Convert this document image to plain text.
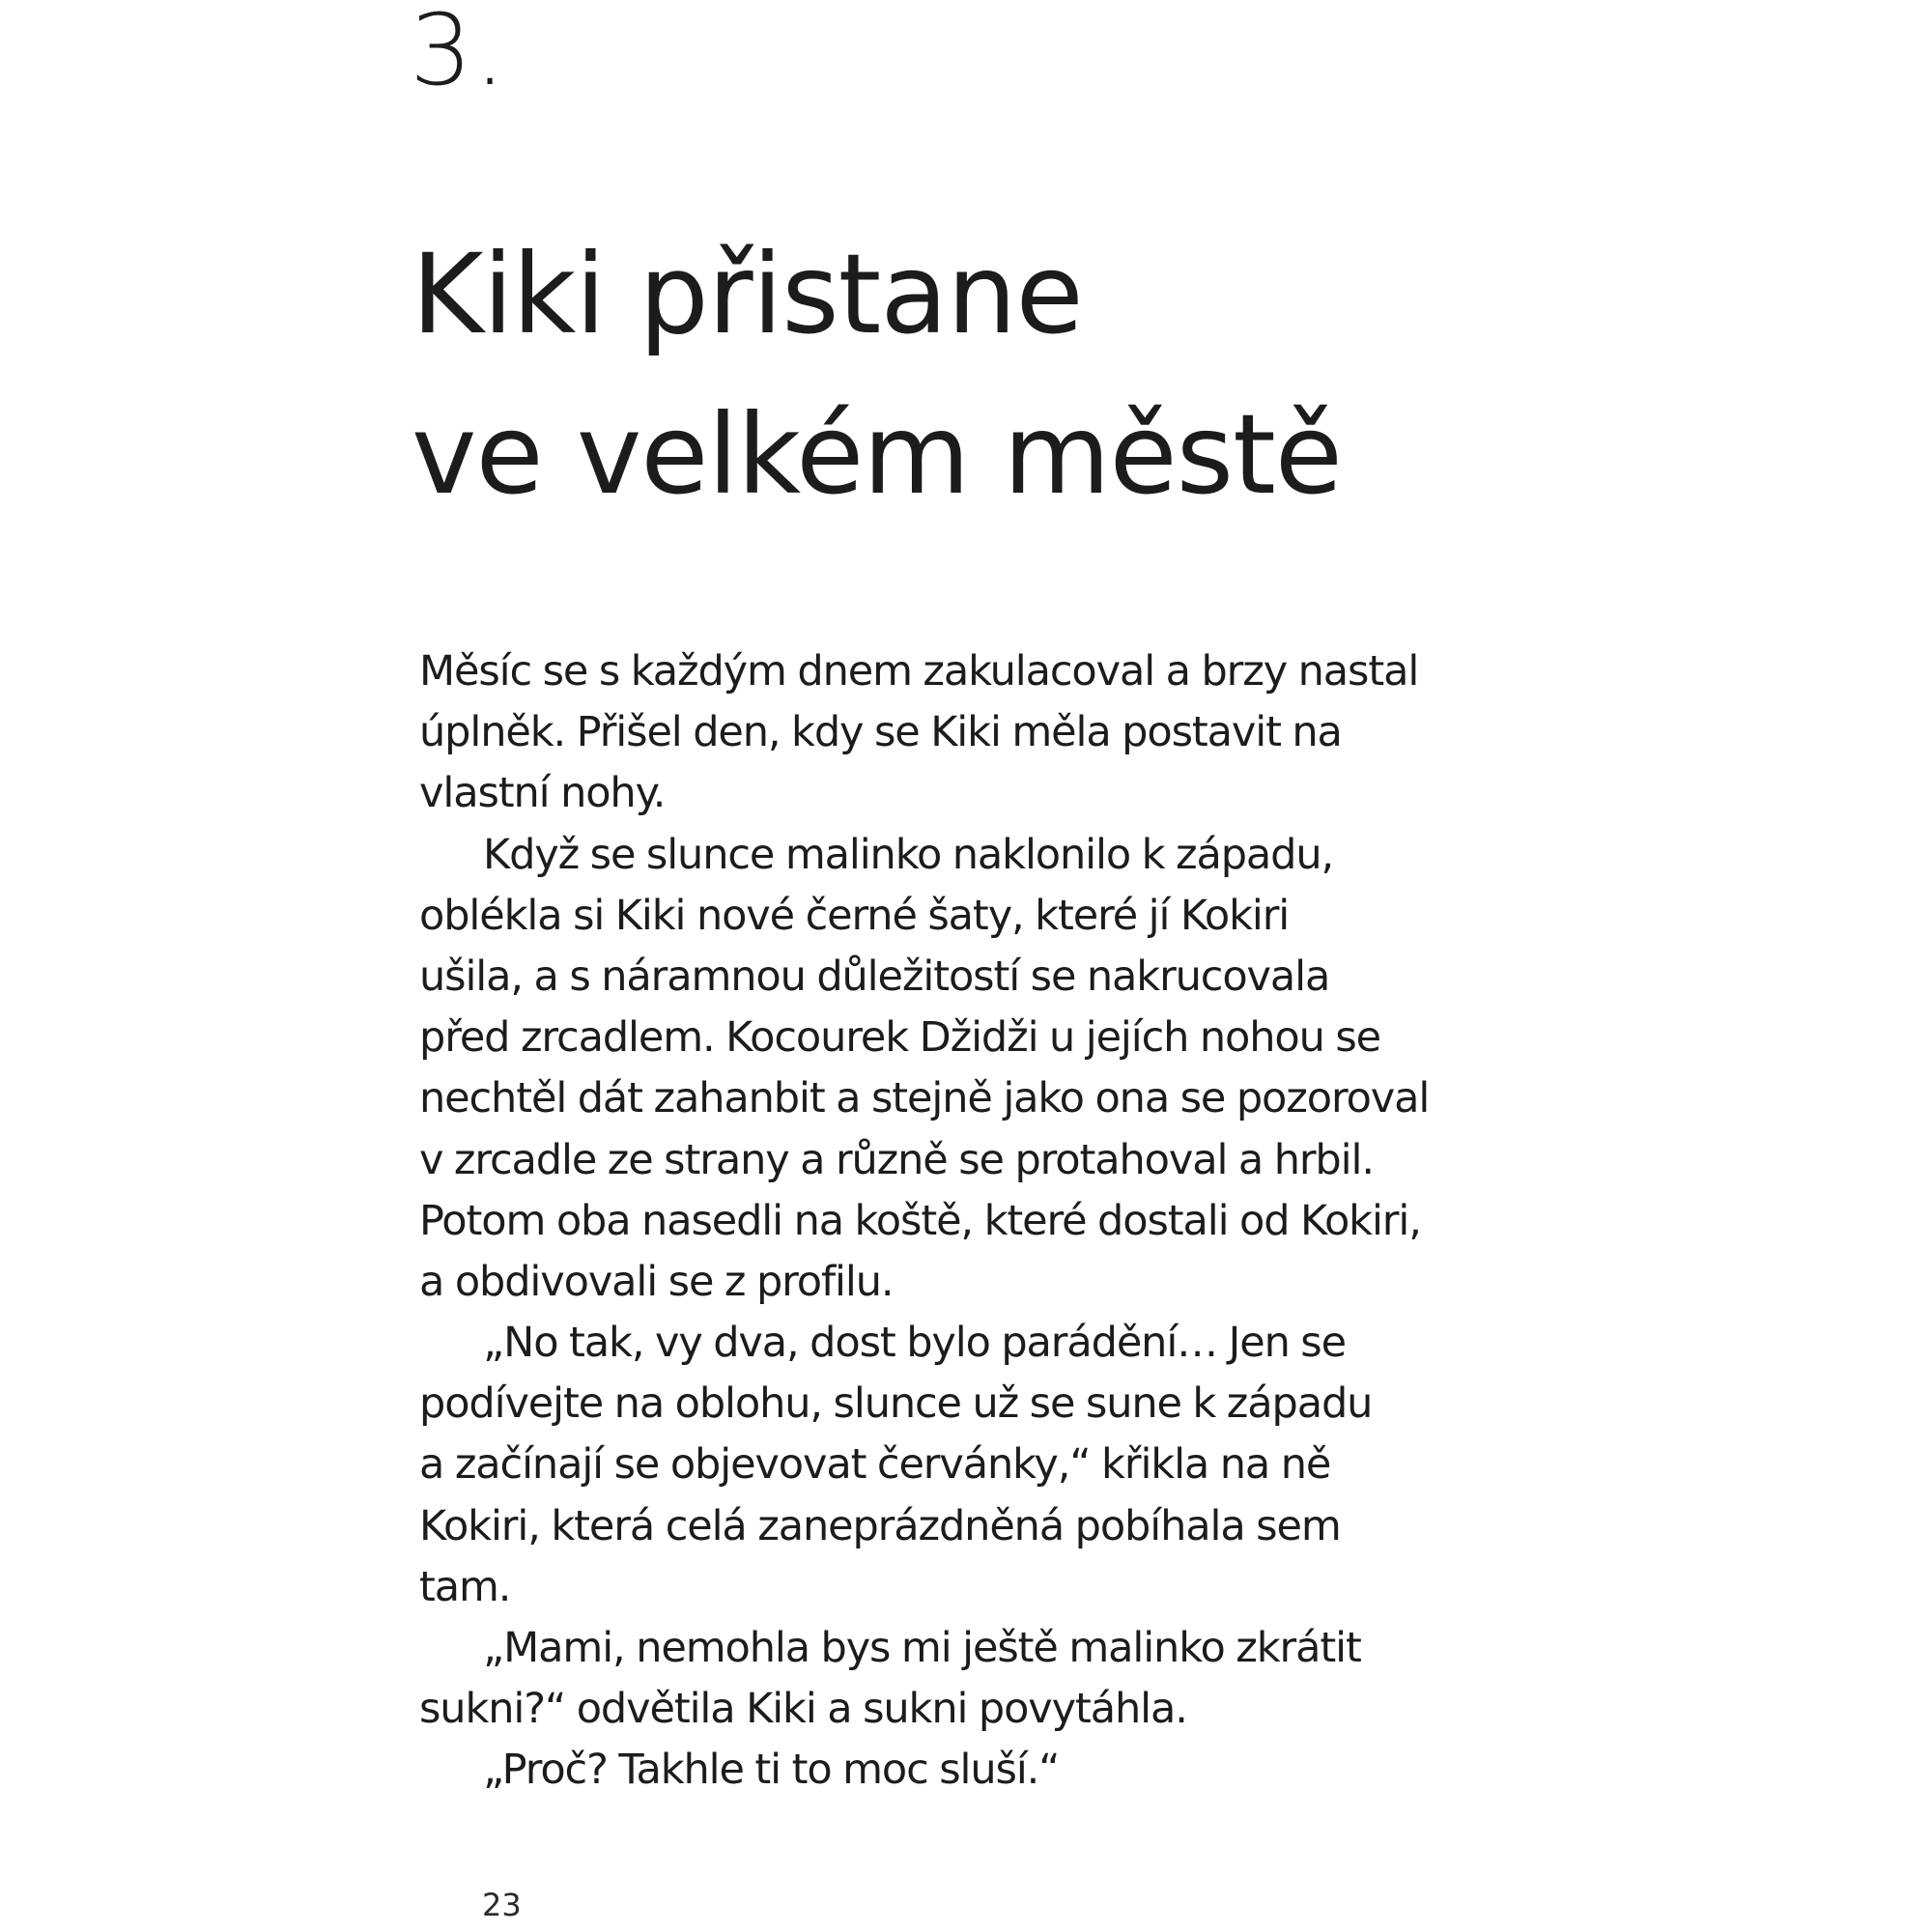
3.
Kiki přistane
ve velkém městě
Měsíc se s každým dnem zakulacoval a brzy nastal
úplněk. Přišel den, kdy se Kiki měla postavit na
vlastní nohy.
Když se slunce malinko naklonilo k západu,
oblékla si Kiki nové černé šaty, které jí Kokiri
ušila, a s náramnou důležitostí se nakrucovala
před zrcadlem. Kocourek Džidži u jejích nohou se
nechtěl dát zahanbit a stejně jako ona se pozoroval
v zrcadle ze strany a různě se protahoval a hrbil.
Potom oba nasedli na koště, které dostali od Kokiri,
a obdivovali se z profilu.
„No tak, vy dva, dost bylo parádění… Jen se
podívejte na oblohu, slunce už se sune k západu
a začínají se objevovat červánky,“ křikla na ně
Kokiri, která celá zaneprázdněná pobíhala sem
tam.
„Mami, nemohla bys mi ještě malinko zkrátit
sukni?“ odvětila Kiki a sukni povytáhla.
„Proč? Takhle ti to moc sluší.“
23
